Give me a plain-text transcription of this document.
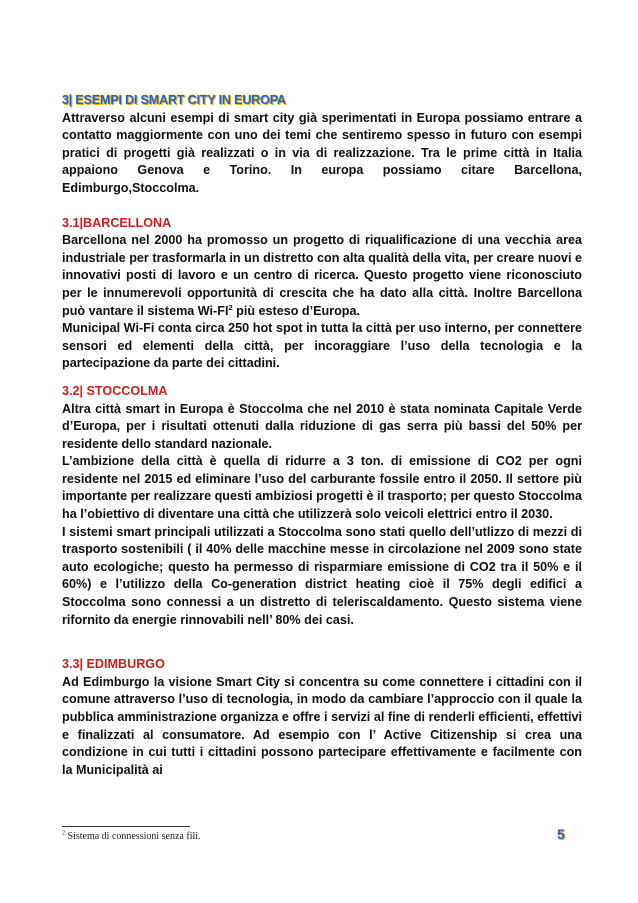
3| ESEMPI DI SMART CITY IN EUROPA

Attraverso alcuni esempi di smart city già sperimentati in Europa possiamo entrare a contatto maggiormente con uno dei temi che sentiremo spesso in futuro con esempi pratici di progetti già realizzati o in via di realizzazione. Tra le prime città in Italia appaiono Genova e Torino. In europa possiamo citare Barcellona, Edimburgo,Stoccolma.

3.1|BARCELLONA

Barcellona nel 2000 ha promosso un progetto di riqualificazione di una vecchia area industriale per trasformarla in un distretto con alta qualità della vita, per creare nuovi e innovativi posti di lavoro e un centro di ricerca. Questo progetto viene riconosciuto per le innumerevoli opportunità di crescita che ha dato alla città. Inoltre Barcellona può vantare il sistema $Wi-FI^2$ più esteso d’Europa.

Municipal Wi-Fi conta circa 250 hot spot in tutta la città per uso interno, per connettere sensori ed elementi della città, per incoraggiare l’uso della tecnologia e la partecipazione da parte dei cittadini.

3.2| STOCCOLMA

Altra città smart in Europa è Stoccolma che nel 2010 è stata nominata Capitale Verde d’Europa, per i risultati ottenuti dalla riduzione di gas serra più bassi del 50% per residente dello standard nazionale.

L’ambizione della città è quella di ridurre a 3 ton. di emissione di CO2 per ogni residente nel 2015 ed eliminare l’uso del carburante fossile entro il 2050. Il settore più importante per realizzare questi ambiziosi progetti è il trasporto; per questo Stoccolma ha l’obiettivo di diventare una città che utilizzerà solo veicoli elettrici entro il 2030.

I sistemi smart principali utilizzati a Stoccolma sono stati quello dell’utlizzo di mezzi di trasporto sostenibili ( il 40% delle macchine messe in circolazione nel 2009 sono state auto ecologiche; questo ha permesso di risparmiare emissione di CO2 tra il 50% e il 60%) e l’utilizzo della Co-generation district heating cioè il 75% degli edifici a Stoccolma sono connessi a un distretto di teleriscaldamento. Questo sistema viene rifornito da energie rinnovabili nell’ 80% dei casi.

3.3| EDIMBURGO

Ad Edimburgo la visione Smart City si concentra su come connettere i cittadini con il comune attraverso l’uso di tecnologia, in modo da cambiare l’approccio con il quale la pubblica amministrazione organizza e offre i servizi al fine di renderli efficienti, effettivi e finalizzati al consumatore. Ad esempio con l’ Active Citizenship si crea una condizione in cui tutti i cittadini possono partecipare effettivamente e facilmente con la Municipalità ai

$^2$ Sistema di connessioni senza fili.	5
